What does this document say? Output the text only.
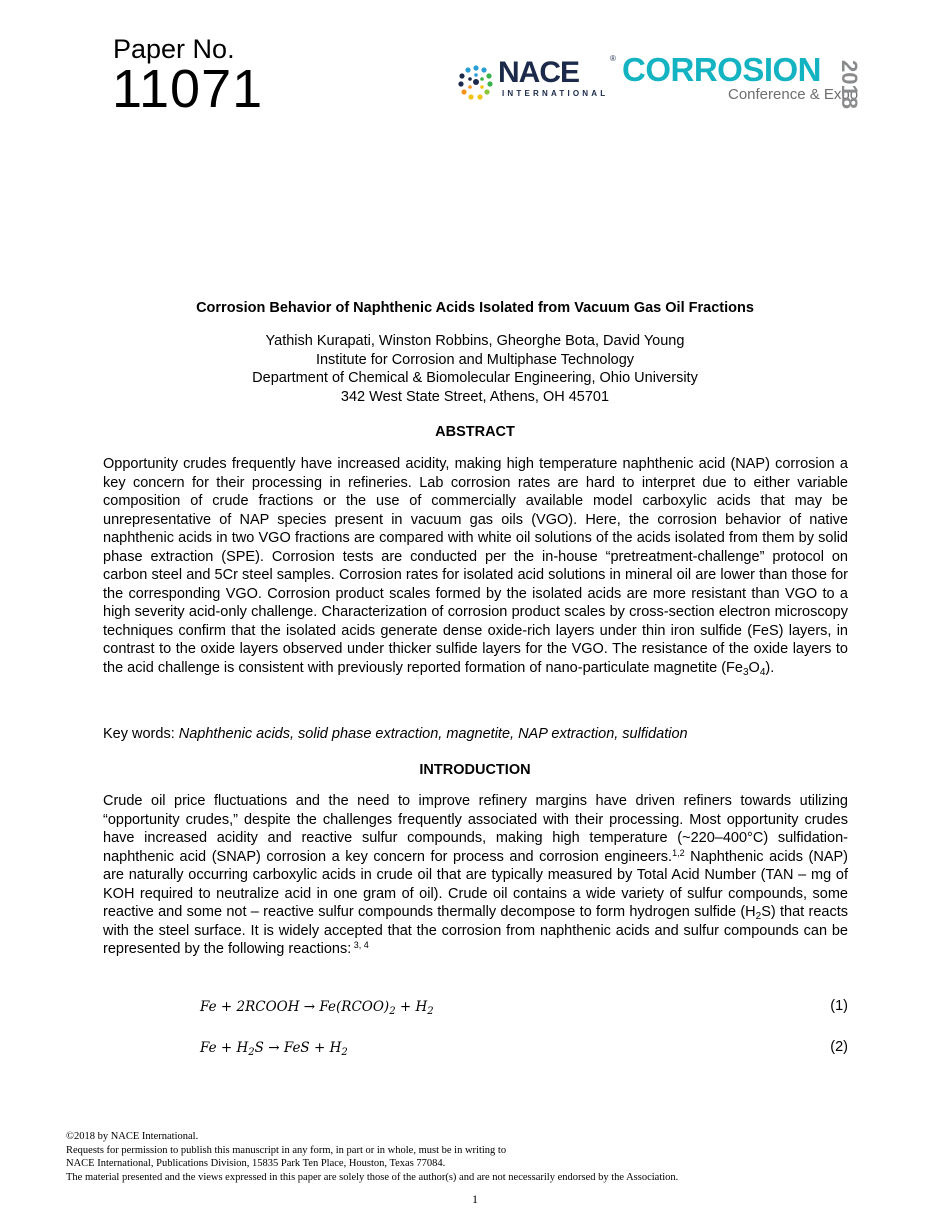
Paper No.
11071	NACE	®
INTERNATIONAL
CORROSION
Conference & Expo
2018
Corrosion Behavior of Naphthenic Acids Isolated from Vacuum Gas Oil Fractions
Yathish Kurapati, Winston Robbins, Gheorghe Bota, David Young
Institute for Corrosion and Multiphase Technology
Department of Chemical & Biomolecular Engineering, Ohio University
342 West State Street, Athens, OH 45701
ABSTRACT
Opportunity crudes frequently have increased acidity, making high temperature naphthenic acid (NAP) corrosion a key concern for their processing in refineries. Lab corrosion rates are hard to interpret due to either variable composition of crude fractions or the use of commercially available model carboxylic acids that may be unrepresentative of NAP species present in vacuum gas oils (VGO). Here, the corrosion behavior of native naphthenic acids in two VGO fractions are compared with white oil solutions of the acids isolated from them by solid phase extraction (SPE). Corrosion tests are conducted per the in-house “pretreatment-challenge” protocol on carbon steel and 5Cr steel samples. Corrosion rates for isolated acid solutions in mineral oil are lower than those for the corresponding VGO. Corrosion product scales formed by the isolated acids are more resistant than VGO to a high severity acid-only challenge. Characterization of corrosion product scales by cross-section electron microscopy techniques confirm that the isolated acids generate dense oxide-rich layers under thin iron sulfide (FeS) layers, in contrast to the oxide layers observed under thicker sulfide layers for the VGO. The resistance of the oxide layers to the acid challenge is consistent with previously reported formation of nano-particulate magnetite $(Fe_3O_4)$.
Key words: Naphthenic acids, solid phase extraction, magnetite, NAP extraction, sulfidation
INTRODUCTION
Crude oil price fluctuations and the need to improve refinery margins have driven refiners towards utilizing “opportunity crudes,” despite the challenges frequently associated with their processing. Most opportunity crudes have increased acidity and reactive sulfur compounds, making high temperature (~220–400°C) sulfidation-naphthenic acid (SNAP) corrosion a key concern for process and corrosion engineers.$^{1,2}$ Naphthenic acids (NAP) are naturally occurring carboxylic acids in crude oil that are typically measured by Total Acid Number (TAN – mg of KOH required to neutralize acid in one gram of oil). Crude oil contains a wide variety of sulfur compounds, some reactive and some not – reactive sulfur compounds thermally decompose to form hydrogen sulfide $(H_2S)$ that reacts with the steel surface. It is widely accepted that the corrosion from naphthenic acids and sulfur compounds can be represented by the following reactions: $^{3, 4}$
Fe + 2RCOOH → $Fe(RCOO)_2 + H_2$	(1)
$Fe + H_2S$ → FeS + $H_2$	(2)
©2018 by NACE International.
Requests for permission to publish this manuscript in any form, in part or in whole, must be in writing to
NACE International, Publications Division, 15835 Park Ten Place, Houston, Texas 77084.
The material presented and the views expressed in this paper are solely those of the author(s) and are not necessarily endorsed by the Association.
1
